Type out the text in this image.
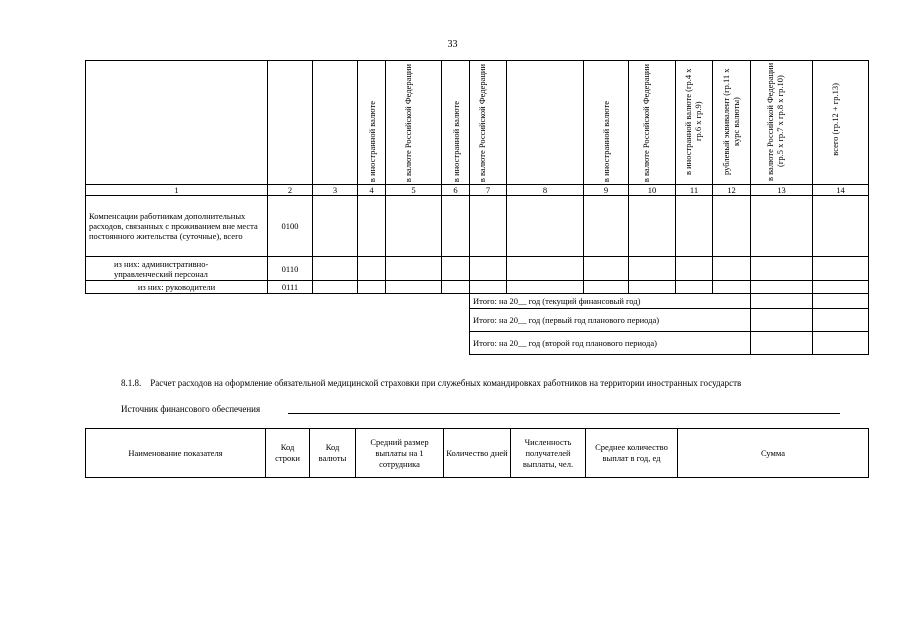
33

			в иностранной валюте	в валюте Российской Федерации	в иностранной валюте	в валюте Российской Федерации		в иностранной валюте	в валюте Российской Федерации	в иностранной валюте (гр.4 х гр.6 х гр.9)	рублевый эквивалент (гр.11 х курс валюты)	в валюте Российской Федерации (гр.5 х гр.7 х гр.8 х гр.10)	всего (гр.12 + гр.13)

1	2	3	4	5	6	7	8	9	10	11	12	13	14
Компенсации работникам дополнительных расходов, связанных с проживанием вне места постоянного жительства (суточные), всего	0100												
из них: административно-управленческий персонал	0110												
из них: руководители	0111												
						Итого: на 20__ год (текущий финансовый год)							
						Итого: на 20__ год (первый год планового периода)							
						Итого: на 20__ год (второй год планового периода)							
8.1.8. Расчет расходов на оформление обязательной медицинской страховки при служебных командировках работников на территории иностранных государств
Источник финансового обеспечения
Наименование показателя	Код строки	Код валюты	Средний размер выплаты на 1 сотрудника	Количество дней	Численность получателей выплаты, чел.	Среднее количество выплат в год, ед	Сумма
